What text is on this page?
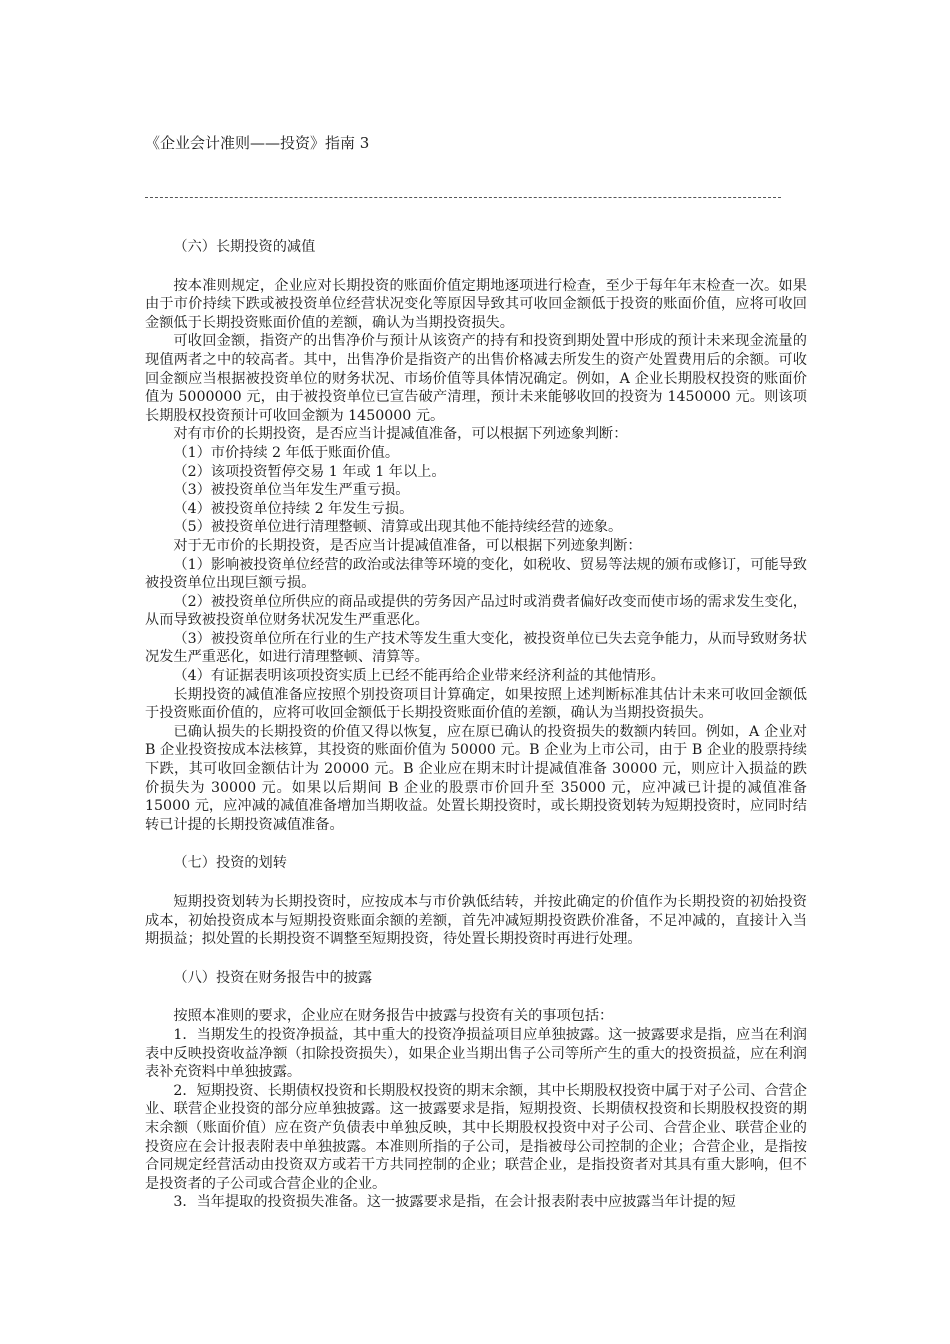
《企业会计准则——投资》指南 3

（六）长期投资的减值

按本准则规定，企业应对长期投资的账面价值定期地逐项进行检查，至少于每年年末检查一次。如果由于市价持续下跌或被投资单位经营状况变化等原因导致其可收回金额低于投资的账面价值，应将可收回金额低于长期投资账面价值的差额，确认为当期投资损失。

可收回金额，指资产的出售净价与预计从该资产的持有和投资到期处置中形成的预计未来现金流量的现值两者之中的较高者。其中，出售净价是指资产的出售价格减去所发生的资产处置费用后的余额。可收回金额应当根据被投资单位的财务状况、市场价值等具体情况确定。例如，A 企业长期股权投资的账面价值为 5000000 元，由于被投资单位已宣告破产清理，预计未来能够收回的投资为 1450000 元。则该项长期股权投资预计可收回金额为 1450000 元。

对有市价的长期投资，是否应当计提减值准备，可以根据下列迹象判断：

（1）市价持续 2 年低于账面价值。

（2）该项投资暂停交易 1 年或 1 年以上。

（3）被投资单位当年发生严重亏损。

（4）被投资单位持续 2 年发生亏损。

（5）被投资单位进行清理整顿、清算或出现其他不能持续经营的迹象。

对于无市价的长期投资，是否应当计提减值准备，可以根据下列迹象判断：

（1）影响被投资单位经营的政治或法律等环境的变化，如税收、贸易等法规的颁布或修订，可能导致被投资单位出现巨额亏损。

（2）被投资单位所供应的商品或提供的劳务因产品过时或消费者偏好改变而使市场的需求发生变化，从而导致被投资单位财务状况发生严重恶化。

（3）被投资单位所在行业的生产技术等发生重大变化，被投资单位已失去竞争能力，从而导致财务状况发生严重恶化，如进行清理整顿、清算等。

（4）有证据表明该项投资实质上已经不能再给企业带来经济利益的其他情形。

长期投资的减值准备应按照个别投资项目计算确定，如果按照上述判断标准其估计未来可收回金额低于投资账面价值的，应将可收回金额低于长期投资账面价值的差额，确认为当期投资损失。

已确认损失的长期投资的价值又得以恢复，应在原已确认的投资损失的数额内转回。例如，A 企业对 B 企业投资按成本法核算，其投资的账面价值为 50000 元。B 企业为上市公司，由于 B 企业的股票持续下跌，其可收回金额估计为 20000 元。B 企业应在期末时计提减值准备 30000 元，则应计入损益的跌价损失为 30000 元。如果以后期间 B 企业的股票市价回升至 35000 元，应冲减已计提的减值准备 15000 元，应冲减的减值准备增加当期收益。处置长期投资时，或长期投资划转为短期投资时，应同时结转已计提的长期投资减值准备。

（七）投资的划转

短期投资划转为长期投资时，应按成本与市价孰低结转，并按此确定的价值作为长期投资的初始投资成本，初始投资成本与短期投资账面余额的差额，首先冲减短期投资跌价准备，不足冲减的，直接计入当期损益；拟处置的长期投资不调整至短期投资，待处置长期投资时再进行处理。

（八）投资在财务报告中的披露

按照本准则的要求，企业应在财务报告中披露与投资有关的事项包括：

1．当期发生的投资净损益，其中重大的投资净损益项目应单独披露。这一披露要求是指，应当在利润表中反映投资收益净额（扣除投资损失），如果企业当期出售子公司等所产生的重大的投资损益，应在利润表补充资料中单独披露。

2．短期投资、长期债权投资和长期股权投资的期末余额，其中长期股权投资中属于对子公司、合营企业、联营企业投资的部分应单独披露。这一披露要求是指，短期投资、长期债权投资和长期股权投资的期末余额（账面价值）应在资产负债表中单独反映，其中长期股权投资中对子公司、合营企业、联营企业的投资应在会计报表附表中单独披露。本准则所指的子公司，是指被母公司控制的企业；合营企业，是指按合同规定经营活动由投资双方或若干方共同控制的企业；联营企业，是指投资者对其具有重大影响，但不是投资者的子公司或合营企业的企业。

3．当年提取的投资损失准备。这一披露要求是指，在会计报表附表中应披露当年计提的短
